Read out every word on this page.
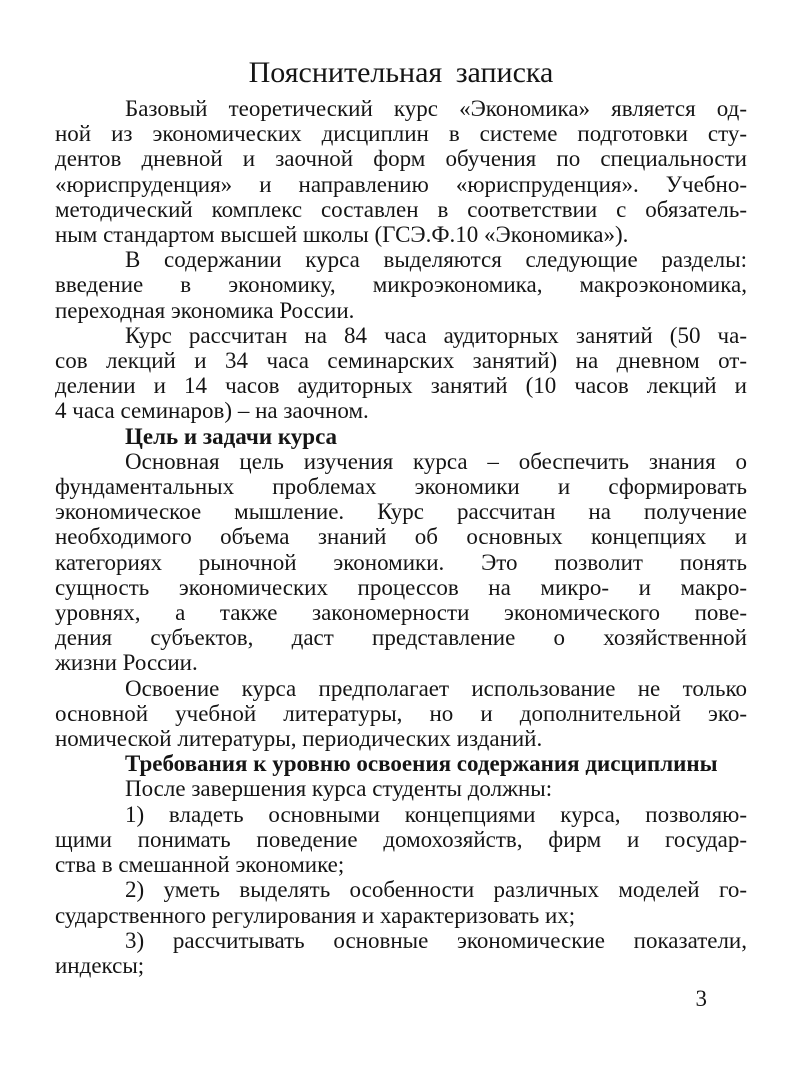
Пояснительная записка
Базовый теоретический курс «Экономика» является од-
ной из экономических дисциплин в системе подготовки сту-
дентов дневной и заочной форм обучения по специальности
«юриспруденция» и направлению «юриспруденция». Учебно-
методический комплекс составлен в соответствии с обязатель-
ным стандартом высшей школы (ГСЭ.Ф.10 «Экономика»).
В содержании курса выделяются следующие разделы:
введение в экономику, микроэкономика, макроэкономика,
переходная экономика России.
Курс рассчитан на 84 часа аудиторных занятий (50 ча-
сов лекций и 34 часа семинарских занятий) на дневном от-
делении и 14 часов аудиторных занятий (10 часов лекций и
4 часа семинаров) – на заочном.
Цель и задачи курса
Основная цель изучения курса – обеспечить знания о
фундаментальных проблемах экономики и сформировать
экономическое мышление. Курс рассчитан на получение
необходимого объема знаний об основных концепциях и
категориях рыночной экономики. Это позволит понять
сущность экономических процессов на микро- и макро-
уровнях, а также закономерности экономического пове-
дения субъектов, даст представление о хозяйственной
жизни России.
Освоение курса предполагает использование не только
основной учебной литературы, но и дополнительной эко-
номической литературы, периодических изданий.
Требования к уровню освоения содержания дисциплины
После завершения курса студенты должны:
1) владеть основными концепциями курса, позволяю-
щими понимать поведение домохозяйств, фирм и государ-
ства в смешанной экономике;
2) уметь выделять особенности различных моделей го-
сударственного регулирования и характеризовать их;
3) рассчитывать основные экономические показатели,
индексы;
3
